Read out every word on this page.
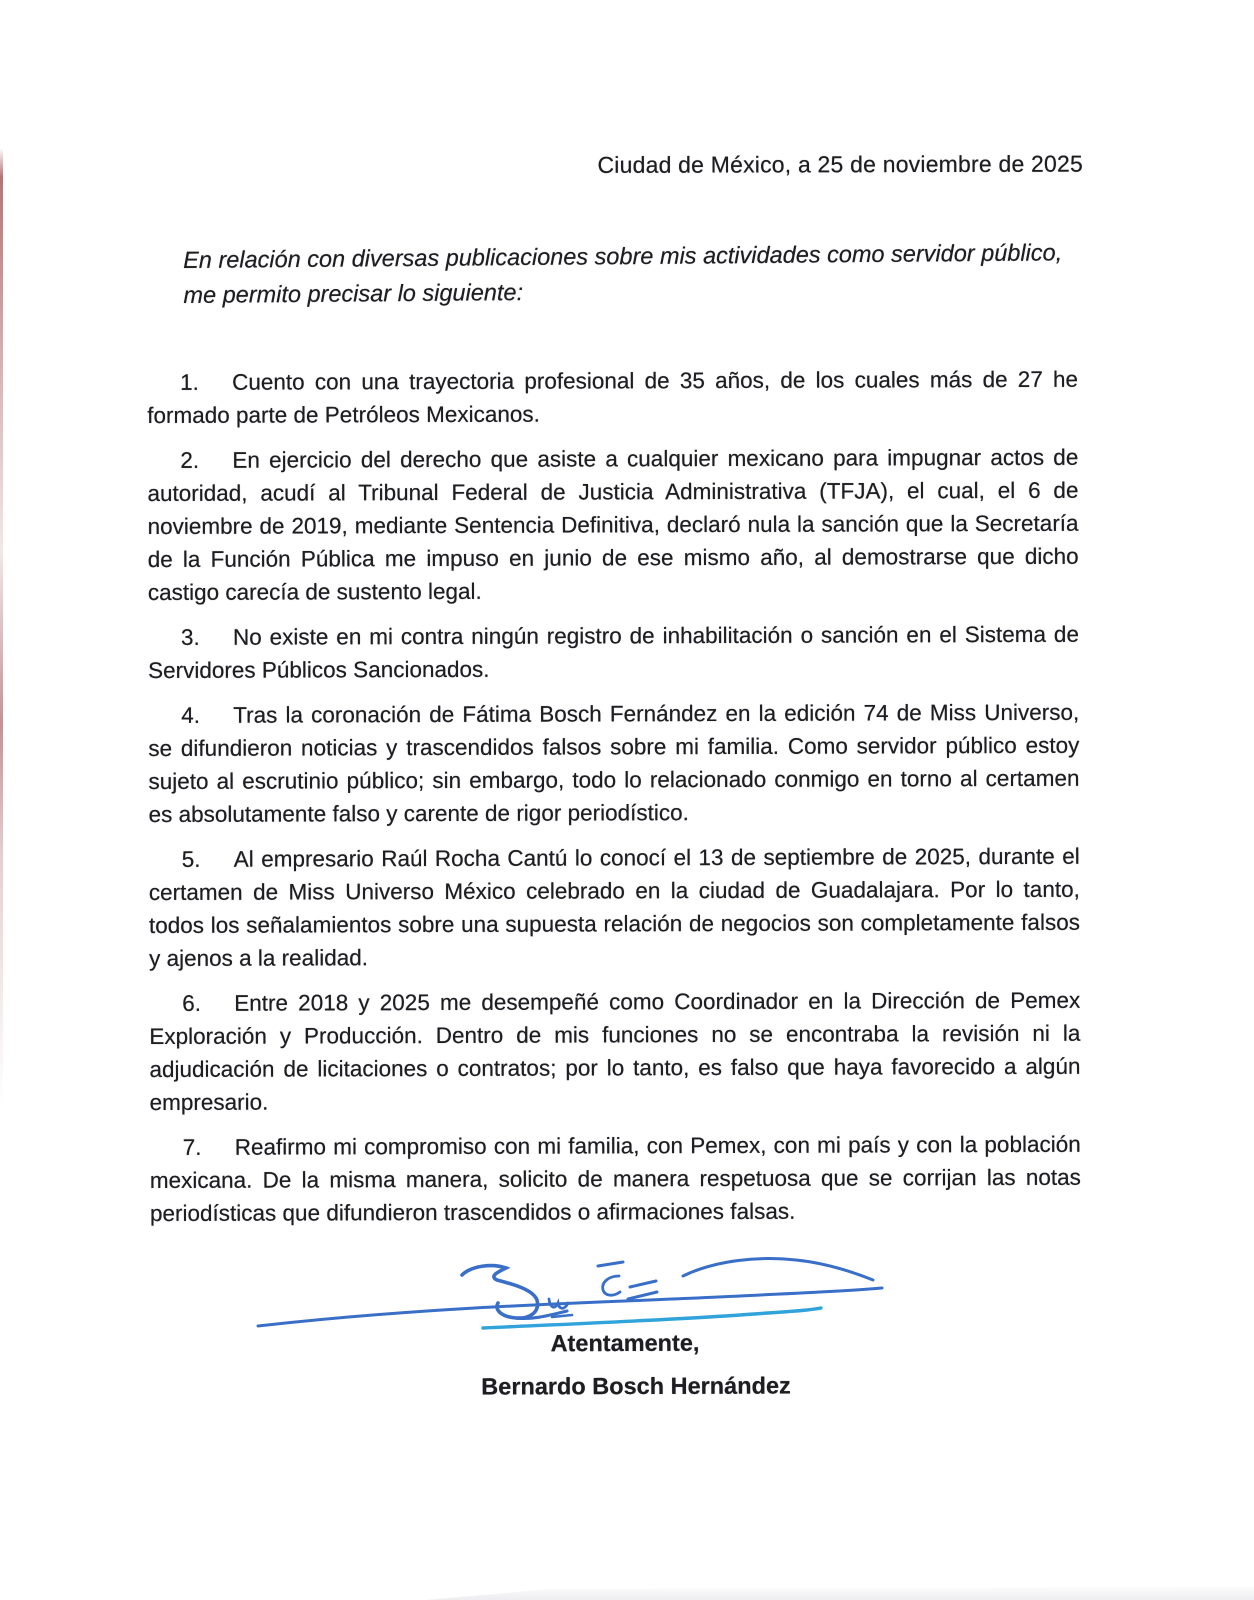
Ciudad de México, a 25 de noviembre de 2025
En relación con diversas publicaciones sobre mis actividades como servidor público, me permito precisar lo siguiente:

1. Cuento con una trayectoria profesional de 35 años, de los cuales más de 27 he formado parte de Petróleos Mexicanos.

2. En ejercicio del derecho que asiste a cualquier mexicano para impugnar actos de autoridad, acudí al Tribunal Federal de Justicia Administrativa (TFJA), el cual, el 6 de noviembre de 2019, mediante Sentencia Definitiva, declaró nula la sanción que la Secretaría de la Función Pública me impuso en junio de ese mismo año, al demostrarse que dicho castigo carecía de sustento legal.

3. No existe en mi contra ningún registro de inhabilitación o sanción en el Sistema de Servidores Públicos Sancionados.

4. Tras la coronación de Fátima Bosch Fernández en la edición 74 de Miss Universo, se difundieron noticias y trascendidos falsos sobre mi familia. Como servidor público estoy sujeto al escrutinio público; sin embargo, todo lo relacionado conmigo en torno al certamen es absolutamente falso y carente de rigor periodístico.

5. Al empresario Raúl Rocha Cantú lo conocí el 13 de septiembre de 2025, durante el certamen de Miss Universo México celebrado en la ciudad de Guadalajara. Por lo tanto, todos los señalamientos sobre una supuesta relación de negocios son completamente falsos y ajenos a la realidad.

6. Entre 2018 y 2025 me desempeñé como Coordinador en la Dirección de Pemex Exploración y Producción. Dentro de mis funciones no se encontraba la revisión ni la adjudicación de licitaciones o contratos; por lo tanto, es falso que haya favorecido a algún empresario.

7. Reafirmo mi compromiso con mi familia, con Pemex, con mi país y con la población mexicana. De la misma manera, solicito de manera respetuosa que se corrijan las notas periodísticas que difundieron trascendidos o afirmaciones falsas.

Atentamente,
Bernardo Bosch Hernández
